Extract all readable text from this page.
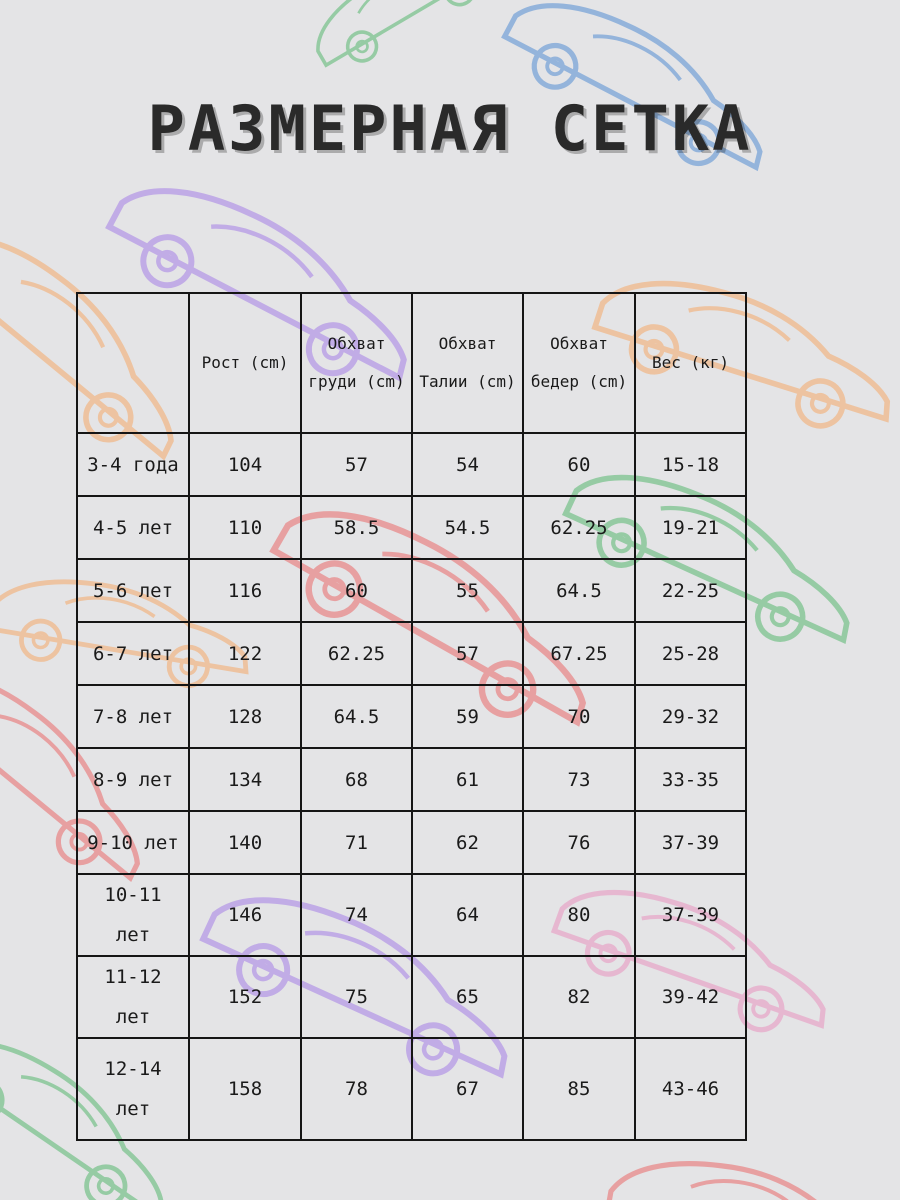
РАЗМЕРНАЯ СЕТКА
	Рост (cm)	Обхват груди (cm)	Обхват Талии (cm)	Обхват бедер (cm)	Вес (кг)
3-4 года	104	57	54	60	15-18
4-5 лет	110	58.5	54.5	62.25	19-21
5-6 лет	116	60	55	64.5	22-25
6-7 лет	122	62.25	57	67.25	25-28
7-8 лет	128	64.5	59	70	29-32
8-9 лет	134	68	61	73	33-35
9-10 лет	140	71	62	76	37-39
10-11 лет	146	74	64	80	37-39
11-12 лет	152	75	65	82	39-42
12-14 лет	158	78	67	85	43-46
